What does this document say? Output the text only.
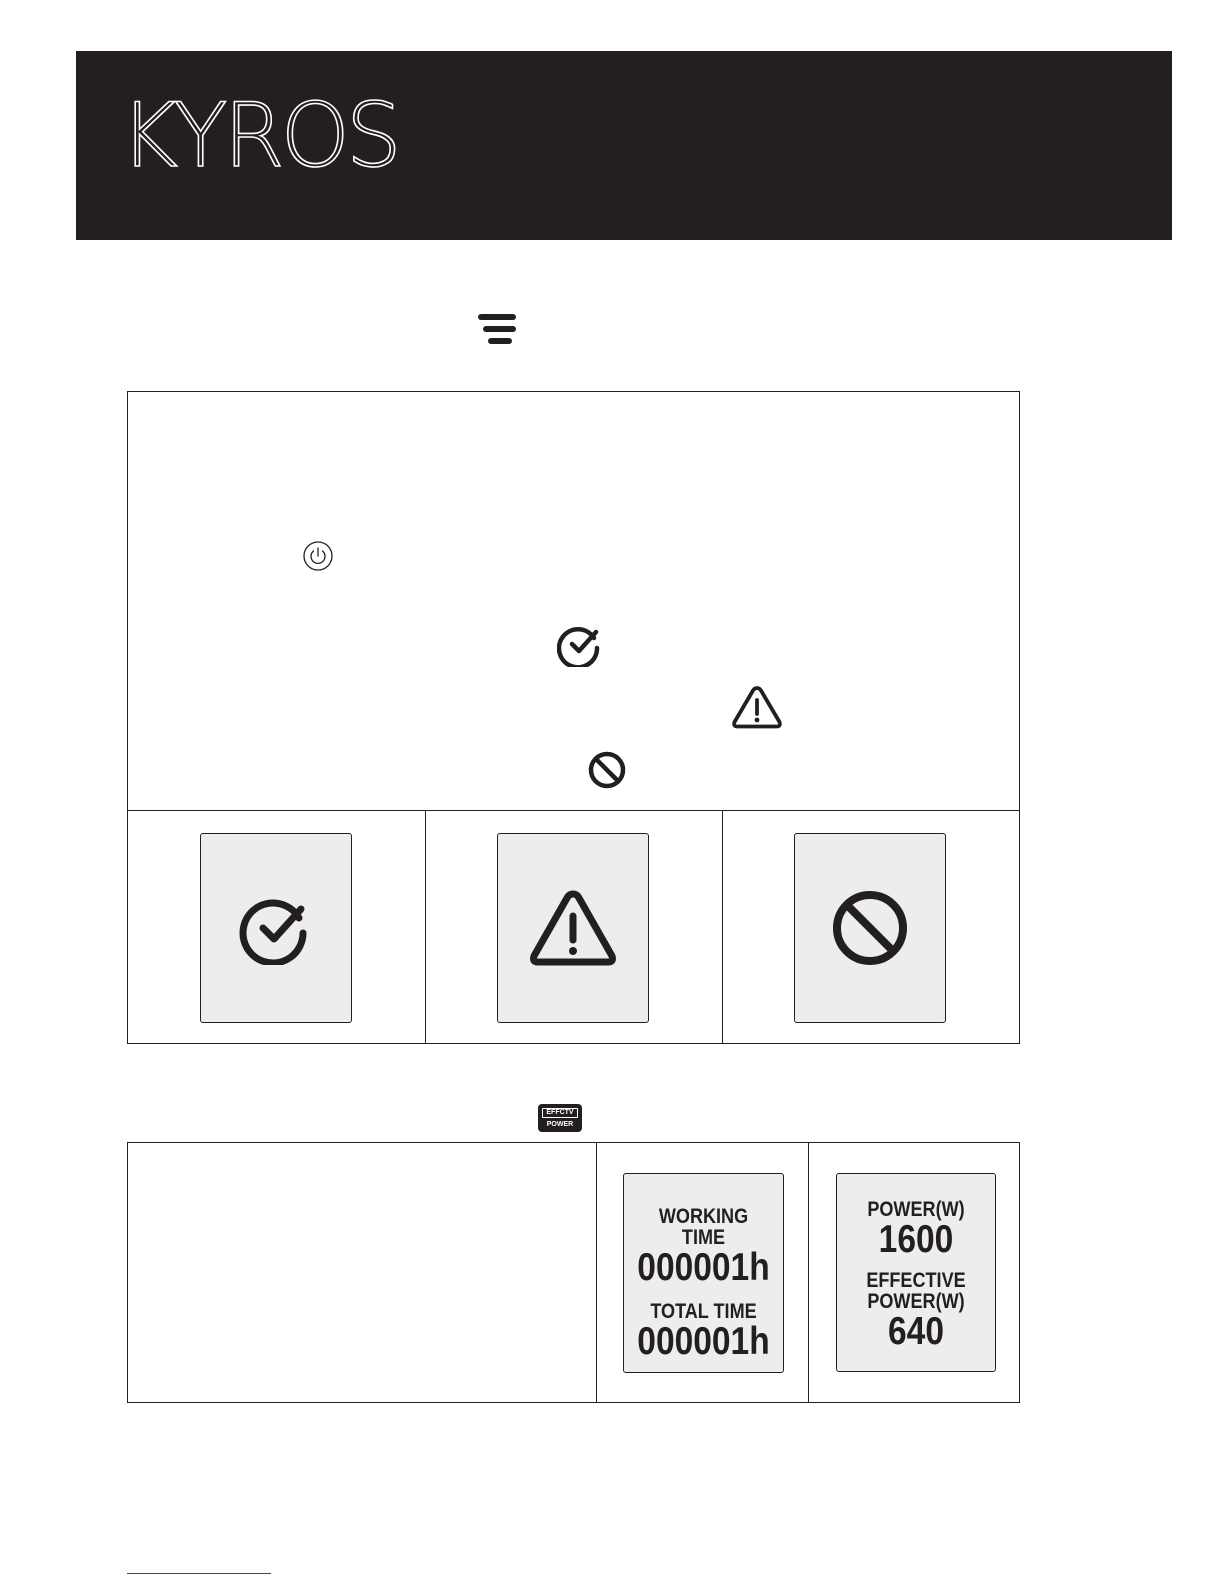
KYROS
EFFCTV
POWER
WORKING TIME
000001h
TOTAL TIME
000001h
POWER(W)
1600
EFFECTIVE
POWER(W)
640
